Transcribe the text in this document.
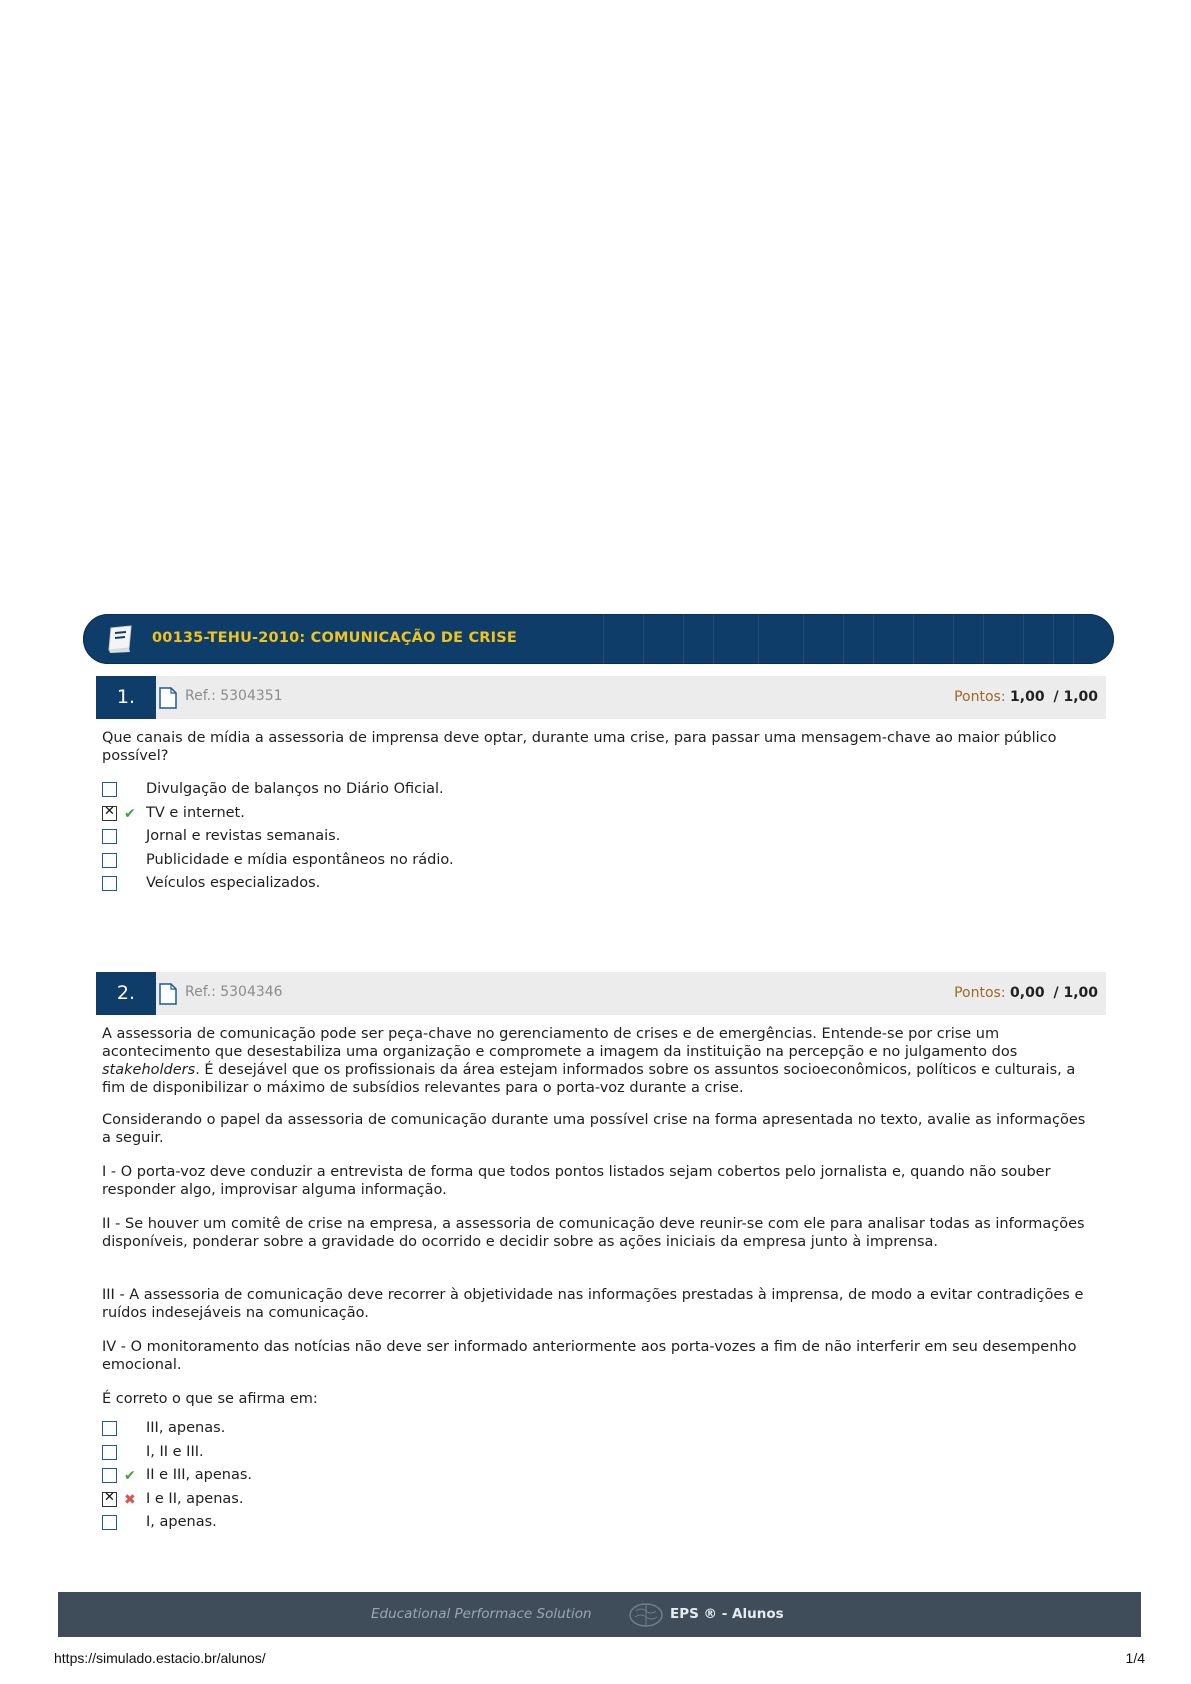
00135-TEHU-2010: COMUNICAÇÃO DE CRISE
1.	Ref.: 5304351	Pontos: 1,00 / 1,00

Que canais de mídia a assessoria de imprensa deve optar, durante uma crise, para passar uma mensagem-chave ao maior público possível?

Divulgação de balanços no Diário Oficial.
✕
✔ TV e internet.
Jornal e revistas semanais.
Publicidade e mídia espontâneos no rádio.
Veículos especializados.
2.	Ref.: 5304346	Pontos: 0,00 / 1,00

A assessoria de comunicação pode ser peça-chave no gerenciamento de crises e de emergências. Entende-se por crise um acontecimento que desestabiliza uma organização e compromete a imagem da instituição na percepção e no julgamento dos stakeholders. É desejável que os profissionais da área estejam informados sobre os assuntos socioeconômicos, políticos e culturais, a fim de disponibilizar o máximo de subsídios relevantes para o porta-voz durante a crise.

Considerando o papel da assessoria de comunicação durante uma possível crise na forma apresentada no texto, avalie as informações a seguir.

I - O porta-voz deve conduzir a entrevista de forma que todos pontos listados sejam cobertos pelo jornalista e, quando não souber responder algo, improvisar alguma informação.

II - Se houver um comitê de crise na empresa, a assessoria de comunicação deve reunir-se com ele para analisar todas as informações disponíveis, ponderar sobre a gravidade do ocorrido e decidir sobre as ações iniciais da empresa junto à imprensa.

III - A assessoria de comunicação deve recorrer à objetividade nas informações prestadas à imprensa, de modo a evitar contradições e ruídos indesejáveis na comunicação.

IV - O monitoramento das notícias não deve ser informado anteriormente aos porta-vozes a fim de não interferir em seu desempenho emocional.

É correto o que se afirma em:

III, apenas.
I, II e III.
✔ II e III, apenas.
✕
✖ I e II, apenas.
I, apenas.
Educational Performace Solution	EPS ® - Alunos
https://simulado.estacio.br/alunos/	1/4
